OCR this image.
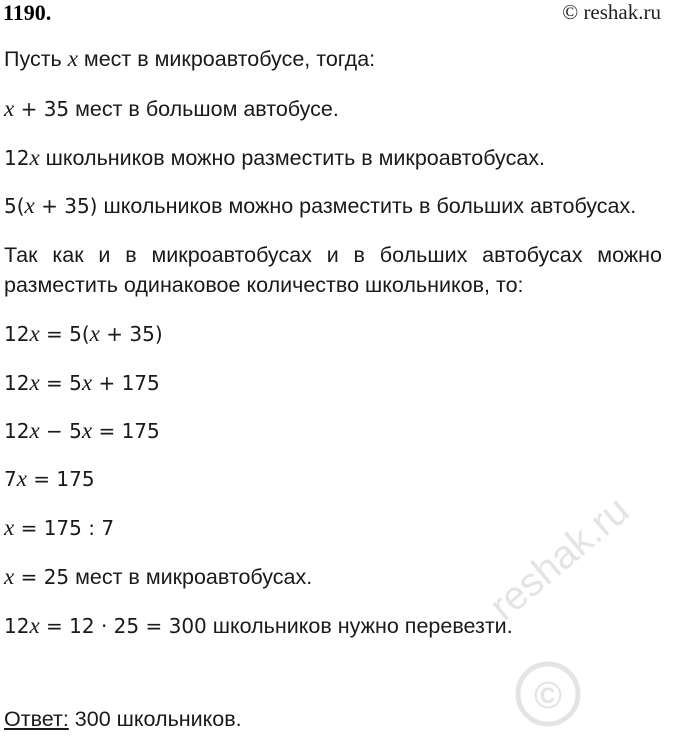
1190.	© reshak.ru
Пусть x мест в микроавтобусе, тогда:
x + 35 мест в большом автобусе.
12x школьников можно разместить в микроавтобусах.
5(x + 35) школьников можно разместить в больших автобусах.
Так как и в микроавтобусах и в больших автобусах можно
разместить одинаковое количество школьников, то:
12x = 5(x + 35)
12x = 5x + 175
12x − 5x = 175
7x = 175
x = 175 : 7
x = 25 мест в микроавтобусах.
12x = 12 · 25 = 300 школьников нужно перевезти.
Ответ: 300 школьников.
reshak.ru
©
